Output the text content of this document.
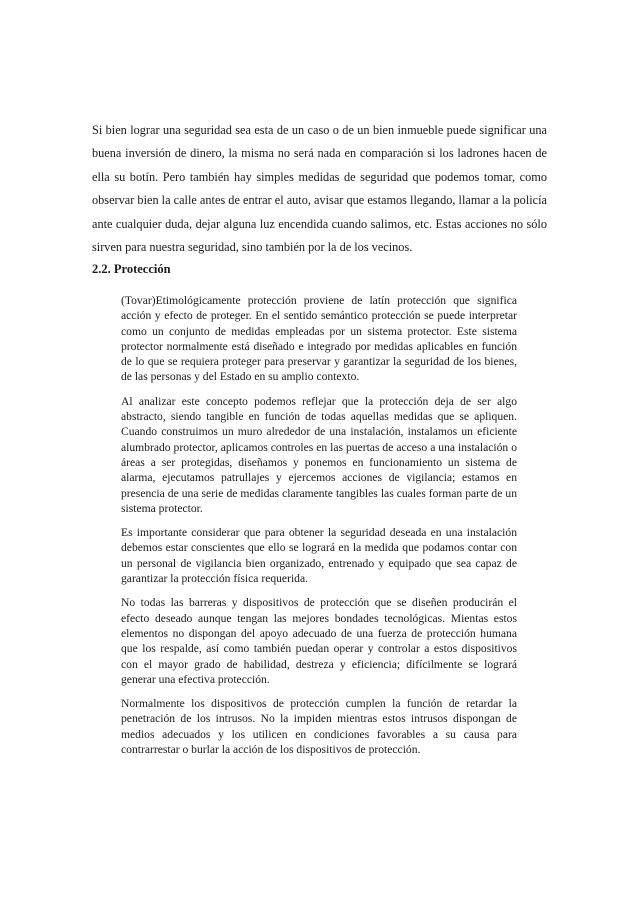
Si bien lograr una seguridad sea esta de un caso o de un bien inmueble puede significar una buena inversión de dinero, la misma no será nada en comparación si los ladrones hacen de ella su botín. Pero también hay simples medidas de seguridad que podemos tomar, como observar bien la calle antes de entrar el auto, avisar que estamos llegando, llamar a la policía ante cualquier duda, dejar alguna luz encendida cuando salimos, etc. Estas acciones no sólo sirven para nuestra seguridad, sino también por la de los vecinos.

2.2. Protección

(Tovar)Etimológicamente protección proviene de latín protección que significa acción y efecto de proteger. En el sentido semántico protección se puede interpretar como un conjunto de medidas empleadas por un sistema protector. Este sistema protector normalmente está diseñado e integrado por medidas aplicables en función de lo que se requiera proteger para preservar y garantizar la seguridad de los bienes, de las personas y del Estado en su amplio contexto.

Al analizar este concepto podemos reflejar que la protección deja de ser algo abstracto, siendo tangible en función de todas aquellas medidas que se apliquen. Cuando construimos un muro alrededor de una instalación, instalamos un eficiente alumbrado protector, aplicamos controles en las puertas de acceso a una instalación o áreas a ser protegidas, diseñamos y ponemos en funcionamiento un sistema de alarma, ejecutamos patrullajes y ejercemos acciones de vigilancia; estamos en presencia de una serie de medidas claramente tangibles las cuales forman parte de un sistema protector.

Es importante considerar que para obtener la seguridad deseada en una instalación debemos estar conscientes que ello se logrará en la medida que podamos contar con un personal de vigilancia bien organizado, entrenado y equipado que sea capaz de garantizar la protección física requerida.

No todas las barreras y dispositivos de protección que se diseñen producirán el efecto deseado aunque tengan las mejores bondades tecnológicas. Mientas estos elementos no dispongan del apoyo adecuado de una fuerza de protección humana que los respalde, así como también puedan operar y controlar a estos dispositivos con el mayor grado de habilidad, destreza y eficiencia; difícilmente se logrará generar una efectiva protección.

Normalmente los dispositivos de protección cumplen la función de retardar la penetración de los intrusos. No la impiden mientras estos intrusos dispongan de medios adecuados y los utilicen en condiciones favorables a su causa para contrarrestar o burlar la acción de los dispositivos de protección.
